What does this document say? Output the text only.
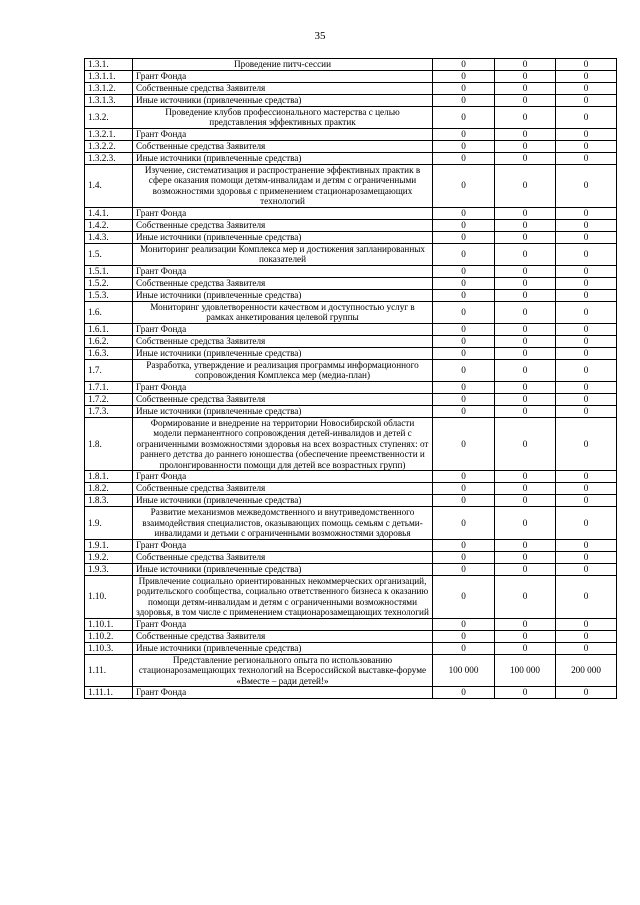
35
1.3.1.	Проведение питч-сессии	0	0	0
1.3.1.1.	Грант Фонда	0	0	0
1.3.1.2.	Собственные средства Заявителя	0	0	0
1.3.1.3.	Иные источники (привлеченные средства)	0	0	0
1.3.2.	Проведение клубов профессионального мастерства с целью представления эффективных практик	0	0	0
1.3.2.1.	Грант Фонда	0	0	0
1.3.2.2.	Собственные средства Заявителя	0	0	0
1.3.2.3.	Иные источники (привлеченные средства)	0	0	0
1.4.	Изучение, систематизация и распространение эффективных практик в сфере оказания помощи детям-инвалидам и детям с ограниченными возможностями здоровья с применением стационарозамещающих технологий	0	0	0
1.4.1.	Грант Фонда	0	0	0
1.4.2.	Собственные средства Заявителя	0	0	0
1.4.3.	Иные источники (привлеченные средства)	0	0	0
1.5.	Мониторинг реализации Комплекса мер и достижения запланированных показателей	0	0	0
1.5.1.	Грант Фонда	0	0	0
1.5.2.	Собственные средства Заявителя	0	0	0
1.5.3.	Иные источники (привлеченные средства)	0	0	0
1.6.	Мониторинг удовлетворенности качеством и доступностью услуг в рамках анкетирования целевой группы	0	0	0
1.6.1.	Грант Фонда	0	0	0
1.6.2.	Собственные средства Заявителя	0	0	0
1.6.3.	Иные источники (привлеченные средства)	0	0	0
1.7.	Разработка, утверждение и реализация программы информационного сопровождения Комплекса мер (медиа-план)	0	0	0
1.7.1.	Грант Фонда	0	0	0
1.7.2.	Собственные средства Заявителя	0	0	0
1.7.3.	Иные источники (привлеченные средства)	0	0	0
1.8.	Формирование и внедрение на территории Новосибирской области модели перманентного сопровождения детей-инвалидов и детей с ограниченными возможностями здоровья на всех возрастных ступенях: от раннего детства до раннего юношества (обеспечение преемственности и пролонгированности помощи для детей все возрастных групп)	0	0	0
1.8.1.	Грант Фонда	0	0	0
1.8.2.	Собственные средства Заявителя	0	0	0
1.8.3.	Иные источники (привлеченные средства)	0	0	0
1.9.	Развитие механизмов межведомственного и внутриведомственного взаимодействия специалистов, оказывающих помощь семьям с детьми-инвалидами и детьми с ограниченными возможностями здоровья	0	0	0
1.9.1.	Грант Фонда	0	0	0
1.9.2.	Собственные средства Заявителя	0	0	0
1.9.3.	Иные источники (привлеченные средства)	0	0	0
1.10.	Привлечение социально ориентированных некоммерческих организаций, родительского сообщества, социально ответственного бизнеса к оказанию помощи детям-инвалидам и детям с ограниченными возможностями здоровья, в том числе с применением стационарозамещающих технологий	0	0	0
1.10.1.	Грант Фонда	0	0	0
1.10.2.	Собственные средства Заявителя	0	0	0
1.10.3.	Иные источники (привлеченные средства)	0	0	0
1.11.	Представление регионального опыта по использованию стационарозамещающих технологий на Всероссийской выставке-форуме «Вместе – ради детей!»	100 000	100 000	200 000
1.11.1.	Грант Фонда	0	0	0
